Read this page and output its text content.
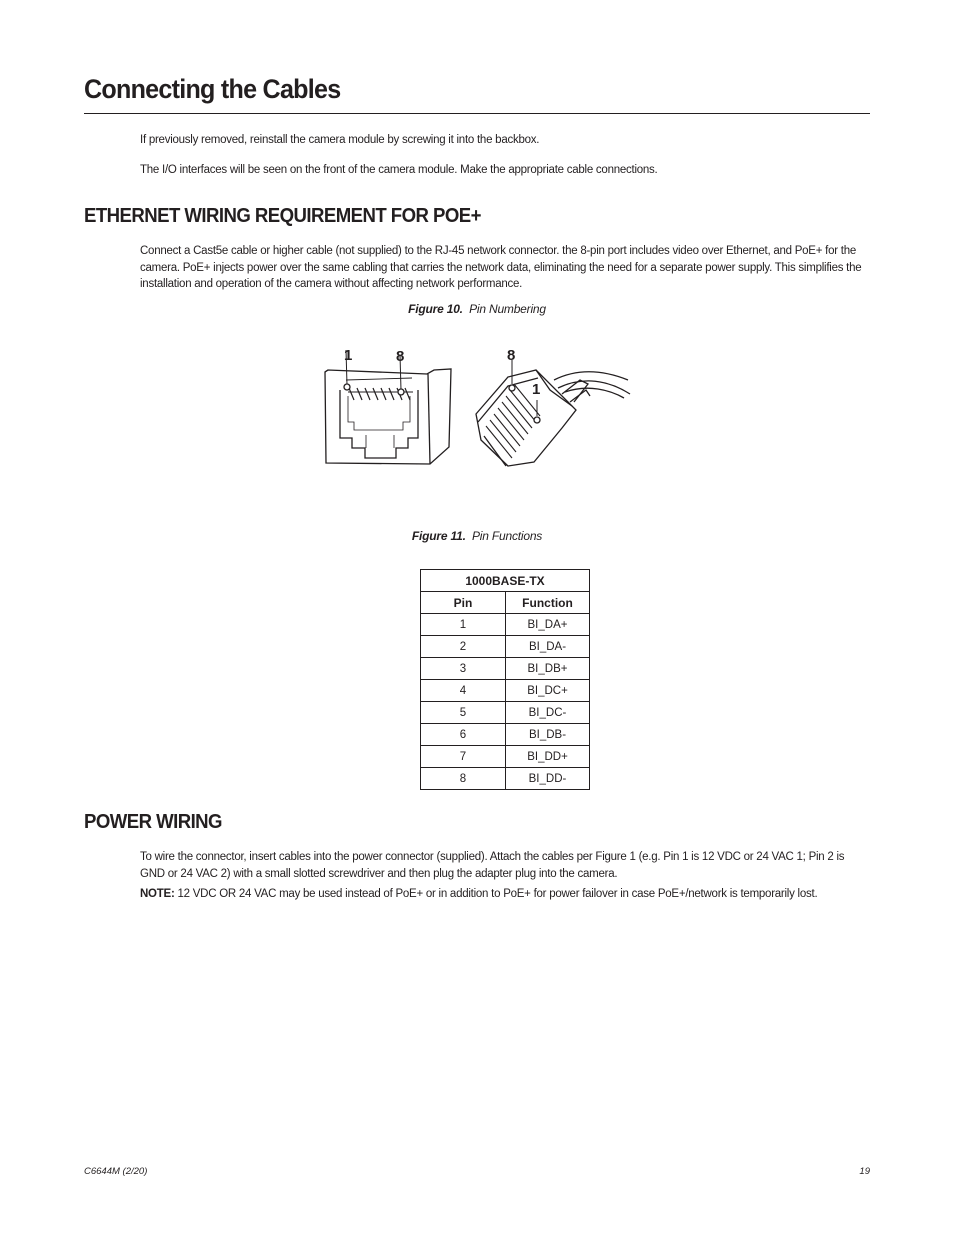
Connecting the Cables

If previously removed, reinstall the camera module by screwing it into the backbox.

The I/O interfaces will be seen on the front of the camera module. Make the appropriate cable connections.

ETHERNET WIRING REQUIREMENT FOR POE+

Connect a Cast5e cable or higher cable (not supplied) to the RJ-45 network connector. the 8-pin port includes video over Ethernet, and PoE+ for the camera. PoE+ injects power over the same cabling that carries the network data, eliminating the need for a separate power supply. This simplifies the installation and operation of the camera without affecting network performance.

Figure 10. Pin Numbering

1	8	8
1

Figure 11. Pin Functions

1000BASE-TX	
Pin	Function
1	BI_DA+
2	BI_DA-
3	BI_DB+
4	BI_DC+
5	BI_DC-
6	BI_DB-
7	BI_DD+
8	BI_DD-
POWER WIRING

To wire the connector, insert cables into the power connector (supplied). Attach the cables per Figure 1 (e.g. Pin 1 is 12 VDC or 24 VAC 1; Pin 2 is GND or 24 VAC 2) with a small slotted screwdriver and then plug the adapter plug into the camera.

NOTE: 12 VDC OR 24 VAC may be used instead of PoE+ or in addition to PoE+ for power failover in case PoE+/network is temporarily lost.

C6644M (2/20)	19
